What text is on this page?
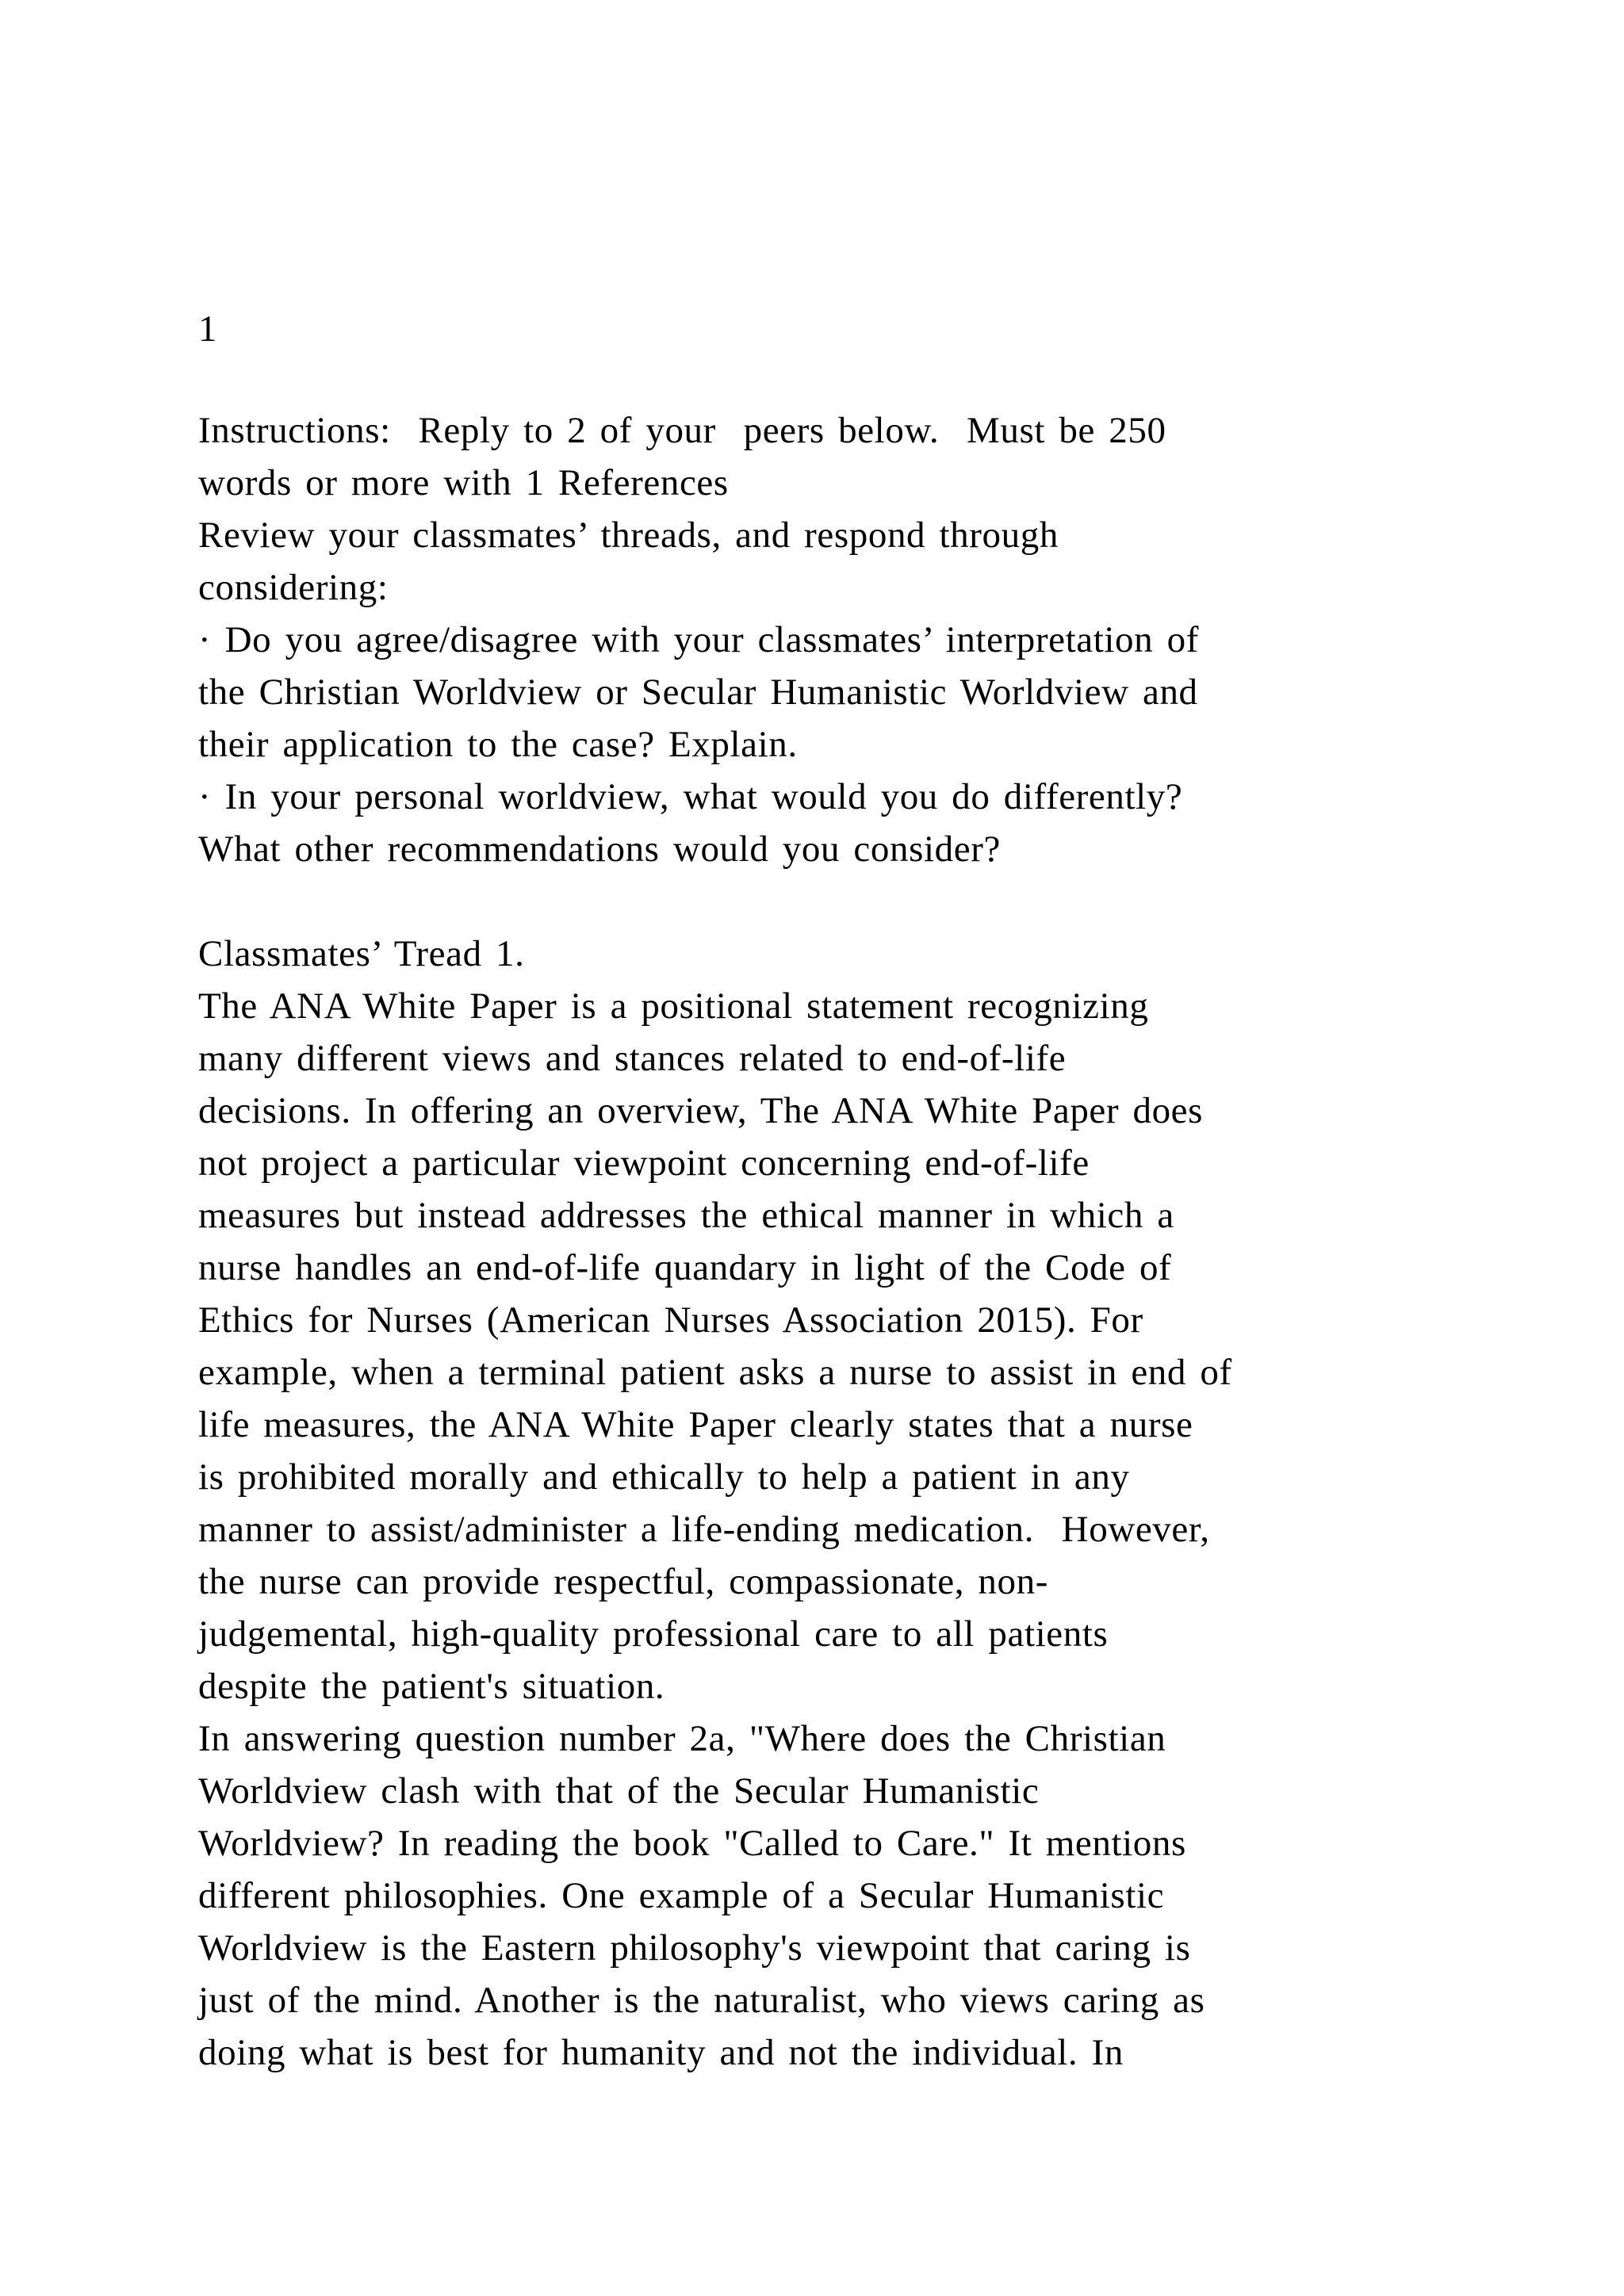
1
Instructions:  Reply to 2 of your  peers below.  Must be 250
words or more with 1 References
Review your classmates’ threads, and respond through
considering:
· Do you agree/disagree with your classmates’ interpretation of
the Christian Worldview or Secular Humanistic Worldview and
their application to the case? Explain.
· In your personal worldview, what would you do differently?
What other recommendations would you consider?
Classmates’ Tread 1.
The ANA White Paper is a positional statement recognizing
many different views and stances related to end-of-life
decisions. In offering an overview, The ANA White Paper does
not project a particular viewpoint concerning end-of-life
measures but instead addresses the ethical manner in which a
nurse handles an end-of-life quandary in light of the Code of
Ethics for Nurses (American Nurses Association 2015). For
example, when a terminal patient asks a nurse to assist in end of
life measures, the ANA White Paper clearly states that a nurse
is prohibited morally and ethically to help a patient in any
manner to assist/administer a life-ending medication.  However,
the nurse can provide respectful, compassionate, non-
judgemental, high-quality professional care to all patients
despite the patient's situation.
In answering question number 2a, "Where does the Christian
Worldview clash with that of the Secular Humanistic
Worldview? In reading the book "Called to Care." It mentions
different philosophies. One example of a Secular Humanistic
Worldview is the Eastern philosophy's viewpoint that caring is
just of the mind. Another is the naturalist, who views caring as
doing what is best for humanity and not the individual. In
